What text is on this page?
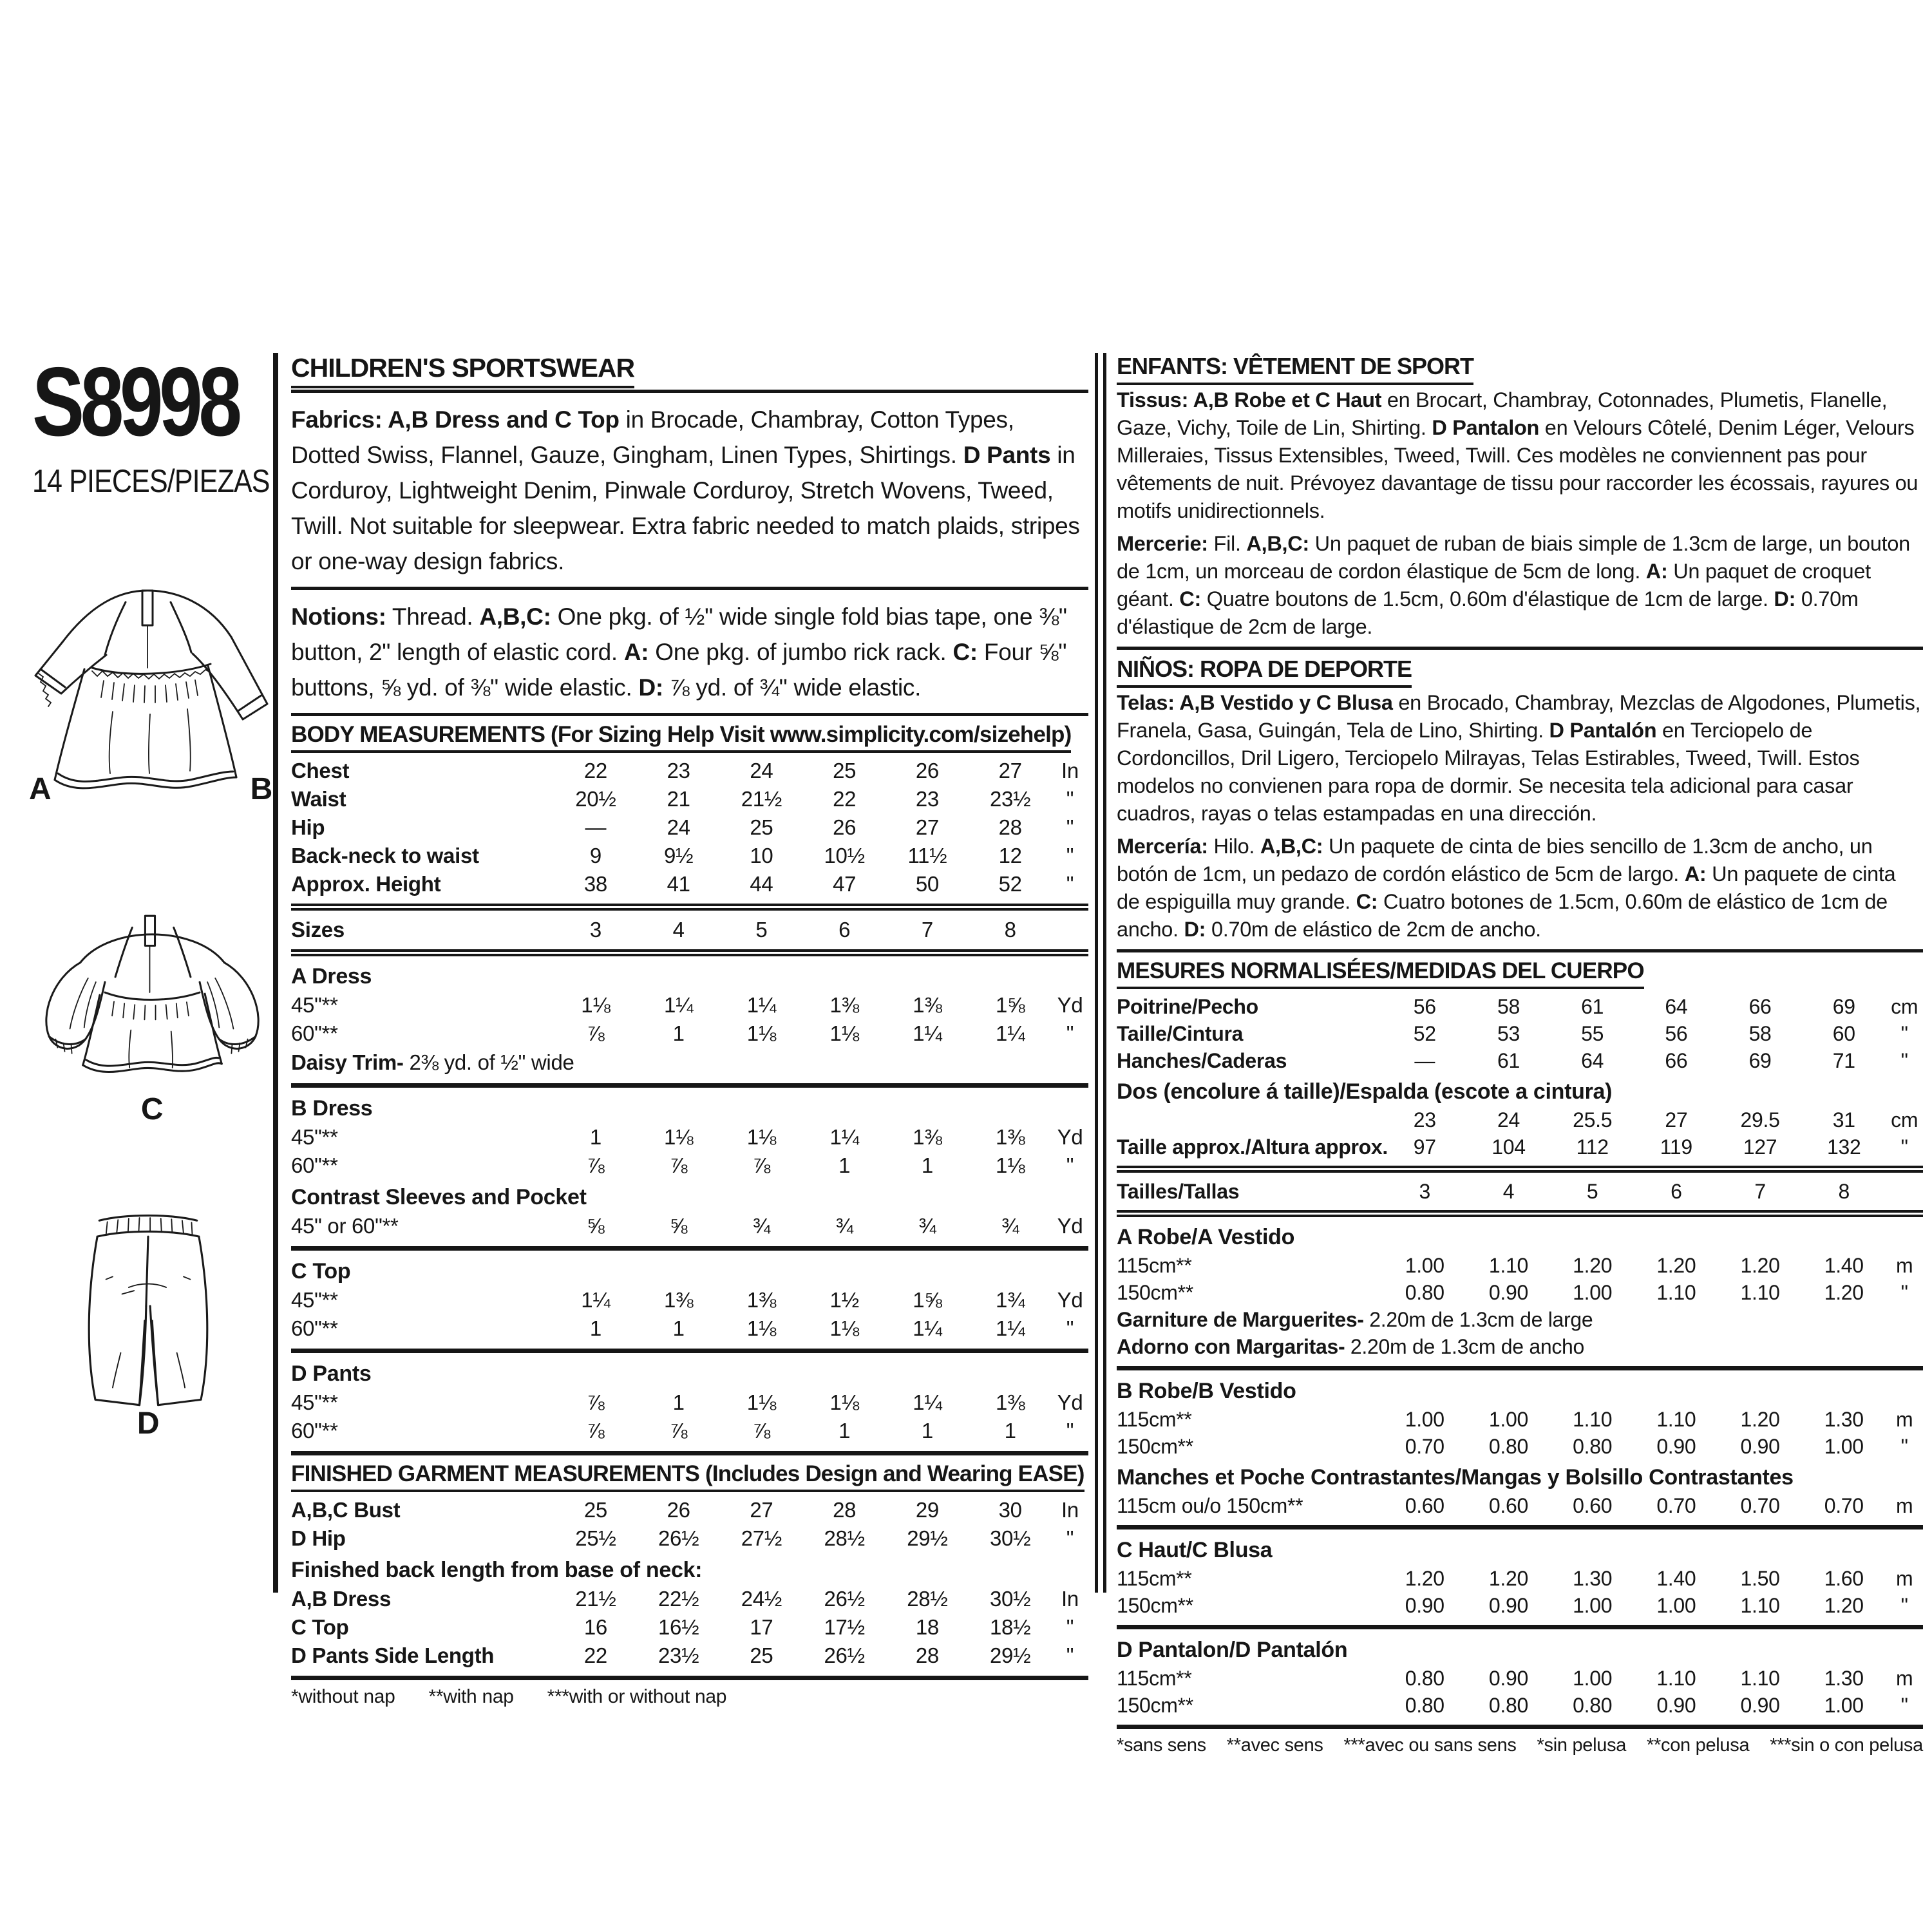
S8998
14 PIECES/PIEZAS
A	B
C
D
CHILDREN'S SPORTSWEAR

Fabrics: A,B Dress and C Top in Brocade, Chambray, Cotton Types, Dotted Swiss, Flannel, Gauze, Gingham, Linen Types, Shirtings. D Pants in Corduroy, Lightweight Denim, Pinwale Corduroy, Stretch Wovens, Tweed, Twill. Not suitable for sleepwear. Extra fabric needed to match plaids, stripes or one-way design fabrics.

Notions: Thread. A,B,C: One pkg. of ½" wide single fold bias tape, one ⅜" button, 2" length of elastic cord. A: One pkg. of jumbo rick rack. C: Four ⅝" buttons, ⅝ yd. of ⅜" wide elastic. D: ⅞ yd. of ¾" wide elastic.

BODY MEASUREMENTS (For Sizing Help Visit www.simplicity.com/sizehelp)
Chest	22	23	24	25	26	27	In
Waist	20½	21	21½	22	23	23½	"
Hip	—	24	25	26	27	28	"
Back-neck to waist	9	9½	10	10½	11½	12	"
Approx. Height	38	41	44	47	50	52	"
Sizes	3	4	5	6	7	8
A Dress
45"**	1⅛	1¼	1¼	1⅜	1⅜	1⅝	Yd
60"**	⅞	1	1⅛	1⅛	1¼	1¼	"

Daisy Trim- 2⅜ yd. of ½" wide

B Dress
45"**	1	1⅛	1⅛	1¼	1⅜	1⅜	Yd
60"**	⅞	⅞	⅞	1	1	1⅛	"
Contrast Sleeves and Pocket
45" or 60"**	⅝	⅝	¾	¾	¾	¾	Yd
C Top
45"**	1¼	1⅜	1⅜	1½	1⅝	1¾	Yd
60"**	1	1	1⅛	1⅛	1¼	1¼	"
D Pants
45"**	⅞	1	1⅛	1⅛	1¼	1⅜	Yd
60"**	⅞	⅞	⅞	1	1	1	"
FINISHED GARMENT MEASUREMENTS (Includes Design and Wearing EASE)
A,B,C Bust	25	26	27	28	29	30	In
D Hip	25½	26½	27½	28½	29½	30½	"
Finished back length from base of neck:
A,B Dress	21½	22½	24½	26½	28½	30½	In
C Top	16	16½	17	17½	18	18½	"
D Pants Side Length	22	23½	25	26½	28	29½	"

*without nap **with nap ***with or without nap

ENFANTS: VÊTEMENT DE SPORT

Tissus: A,B Robe et C Haut en Brocart, Chambray, Cotonnades, Plumetis, Flanelle, Gaze, Vichy, Toile de Lin, Shirting. D Pantalon en Velours Côtelé, Denim Léger, Velours Milleraies, Tissus Extensibles, Tweed, Twill. Ces modèles ne conviennent pas pour vêtements de nuit. Prévoyez davantage de tissu pour raccorder les écossais, rayures ou motifs unidirectionnels.

Mercerie: Fil. A,B,C: Un paquet de ruban de biais simple de 1.3cm de large, un bouton de 1cm, un morceau de cordon élastique de 5cm de long. A: Un paquet de croquet géant. C: Quatre boutons de 1.5cm, 0.60m d'élastique de 1cm de large. D: 0.70m d'élastique de 2cm de large.

NIÑOS: ROPA DE DEPORTE

Telas: A,B Vestido y C Blusa en Brocado, Chambray, Mezclas de Algodones, Plumetis, Franela, Gasa, Guingán, Tela de Lino, Shirting. D Pantalón en Terciopelo de Cordoncillos, Dril Ligero, Terciopelo Milrayas, Telas Estirables, Tweed, Twill. Estos modelos no convienen para ropa de dormir. Se necesita tela adicional para casar cuadros, rayas o telas estampadas en una dirección.

Mercería: Hilo. A,B,C: Un paquete de cinta de bies sencillo de 1.3cm de ancho, un botón de 1cm, un pedazo de cordón elástico de 5cm de largo. A: Un paquete de cinta de espiguilla muy grande. C: Cuatro botones de 1.5cm, 0.60m de elástico de 1cm de ancho. D: 0.70m de elástico de 2cm de ancho.

MESURES NORMALISÉES/MEDIDAS DEL CUERPO
Poitrine/Pecho	56	58	61	64	66	69	cm
Taille/Cintura	52	53	55	56	58	60	"
Hanches/Caderas	—	61	64	66	69	71	"
Dos (encolure á taille)/Espalda (escote a cintura)
23	24	25.5	27	29.5	31	cm
Taille approx./Altura approx.	97	104	112	119	127	132	"
Tailles/Tallas	3	4	5	6	7	8
A Robe/A Vestido
115cm**	1.00	1.10	1.20	1.20	1.20	1.40	m
150cm**	0.80	0.90	1.00	1.10	1.10	1.20	"

Garniture de Marguerites- 2.20m de 1.3cm de large

Adorno con Margaritas- 2.20m de 1.3cm de ancho

B Robe/B Vestido
115cm**	1.00	1.00	1.10	1.10	1.20	1.30	m
150cm**	0.70	0.80	0.80	0.90	0.90	1.00	"
Manches et Poche Contrastantes/Mangas y Bolsillo Contrastantes
115cm ou/o 150cm**	0.60	0.60	0.60	0.70	0.70	0.70	m
C Haut/C Blusa
115cm**	1.20	1.20	1.30	1.40	1.50	1.60	m
150cm**	0.90	0.90	1.00	1.00	1.10	1.20	"
D Pantalon/D Pantalón
115cm**	0.80	0.90	1.00	1.10	1.10	1.30	m
150cm**	0.80	0.80	0.80	0.90	0.90	1.00	"

*sans sens **avec sens ***avec ou sans sens *sin pelusa **con pelusa ***sin o con pelusa
